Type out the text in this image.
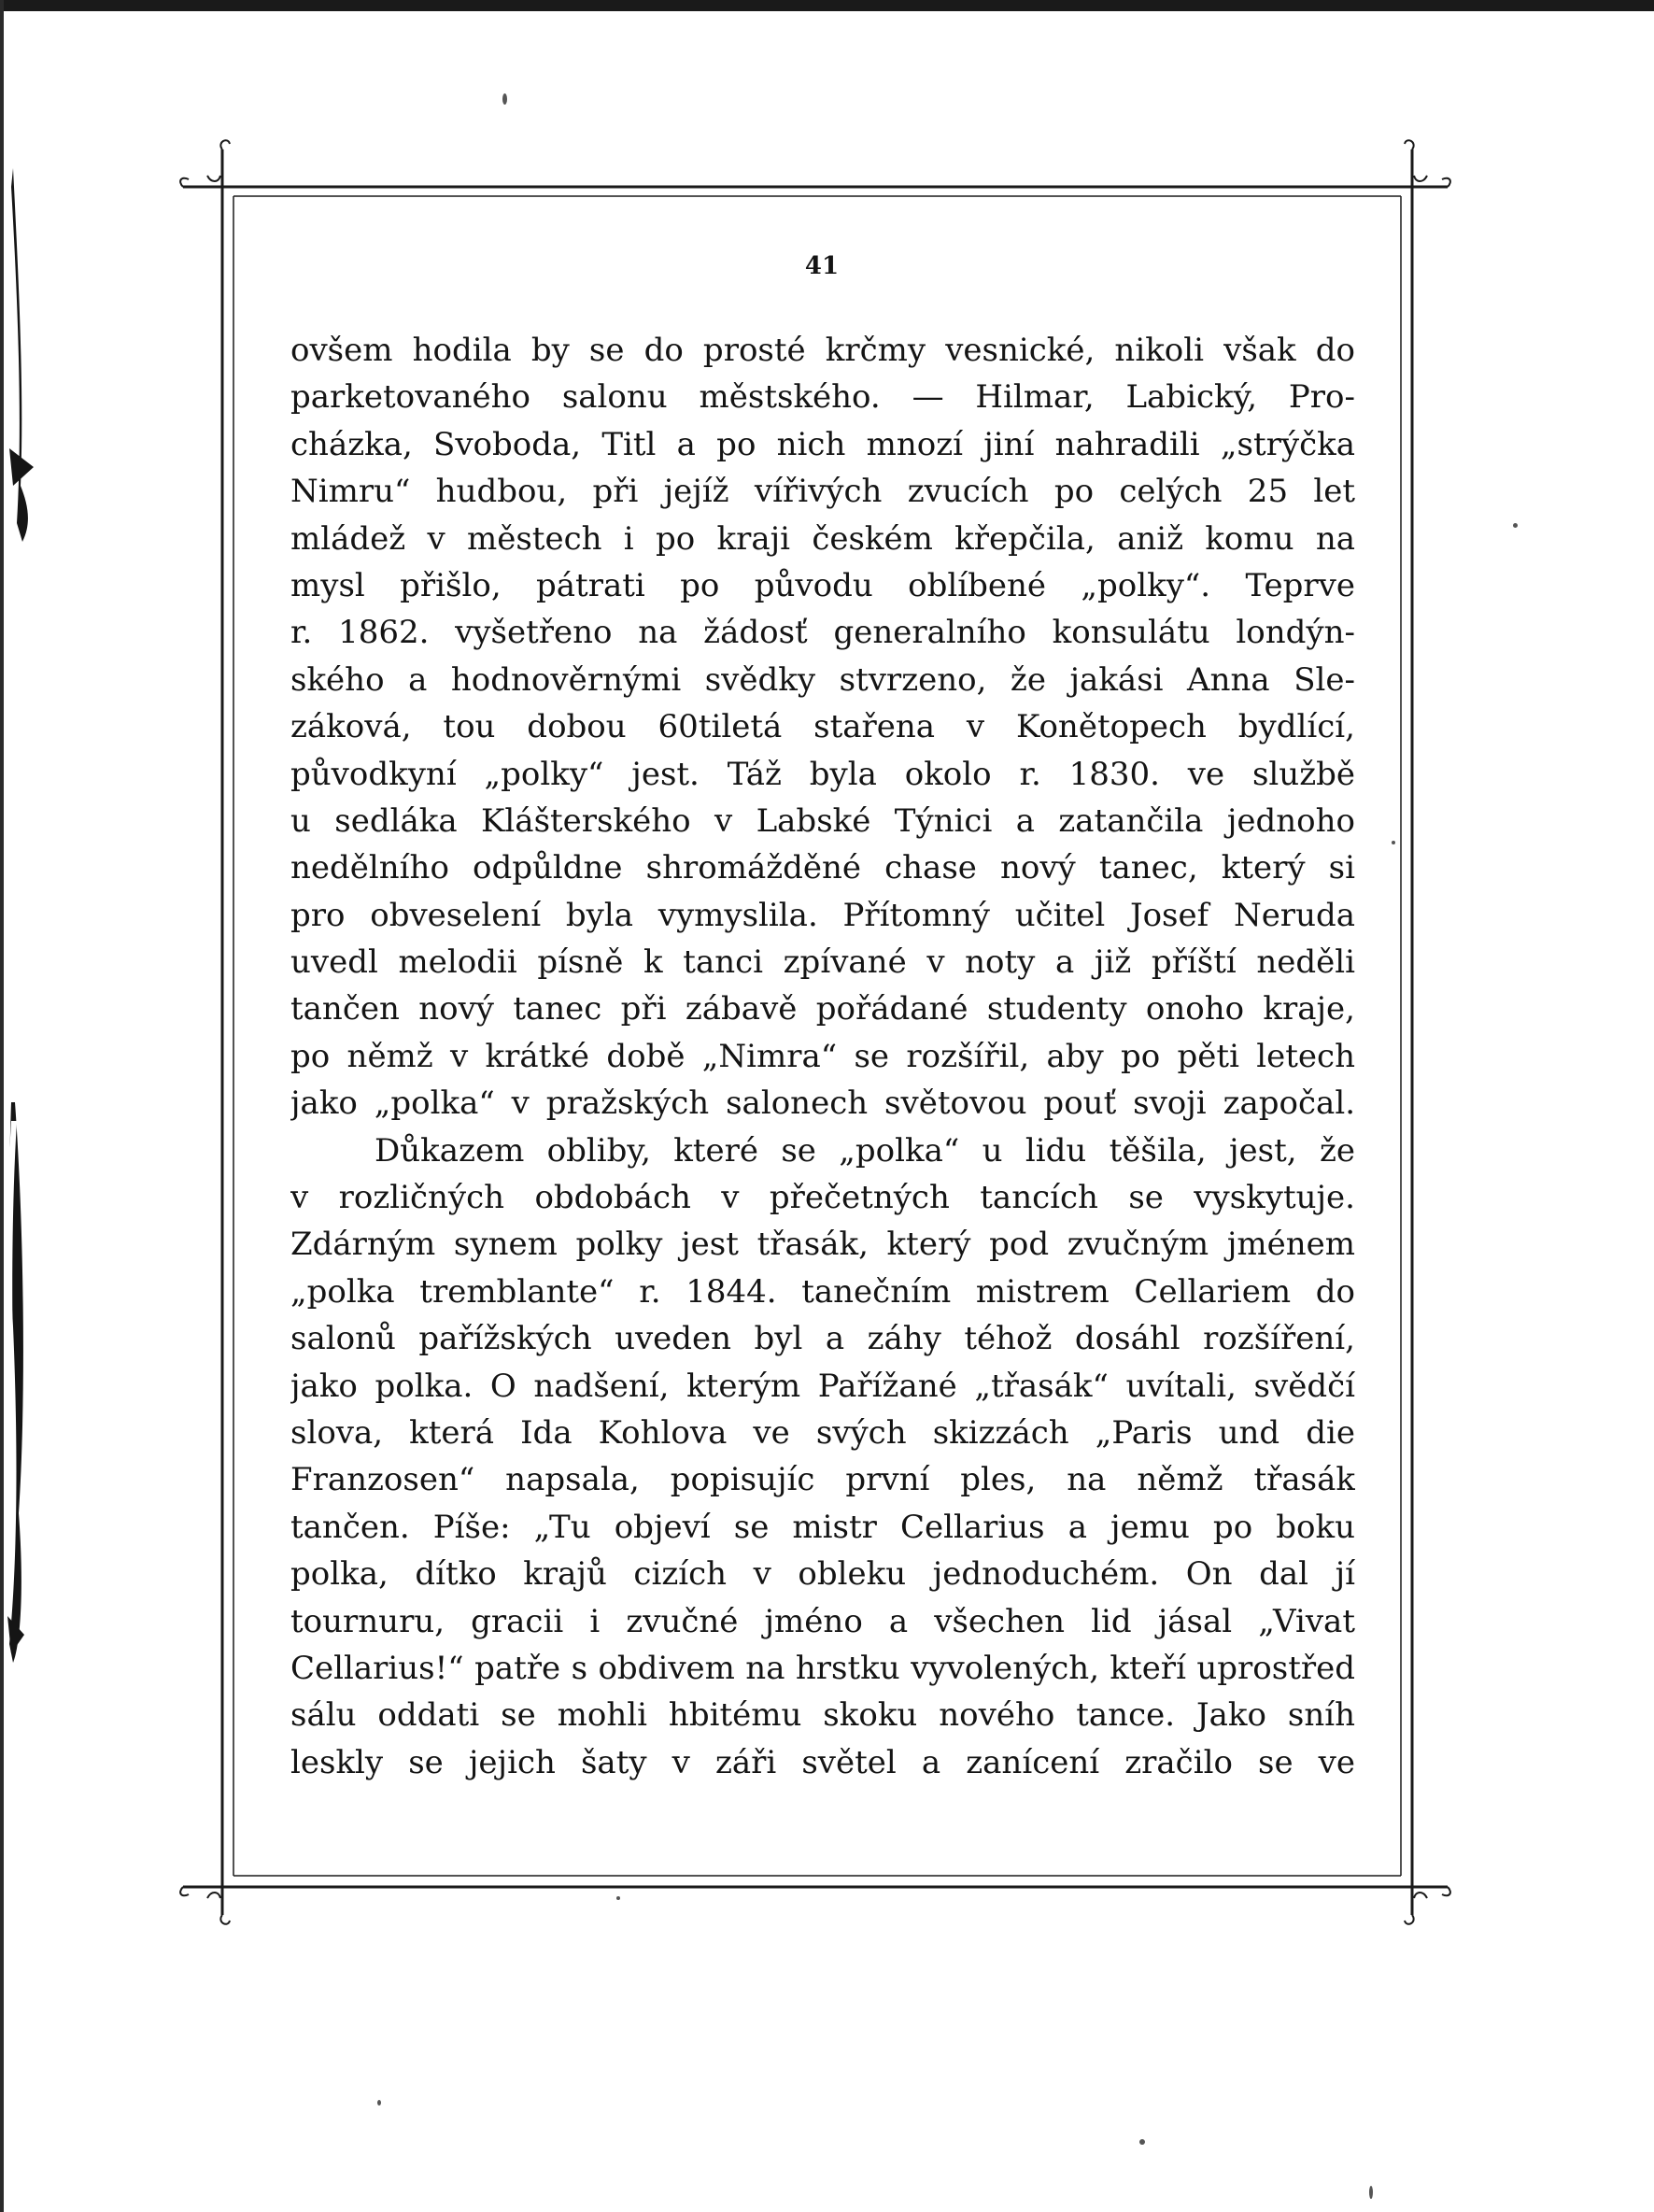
41
ovšem hodila by se do prosté krčmy vesnické, nikoli však do
parketovaného salonu městského. — Hilmar, Labický, Pro-
cházka, Svoboda, Titl a po nich mnozí jiní nahradili „strýčka
Nimru“ hudbou, při jejíž vířivých zvucích po celých 25 let
mládež v městech i po kraji českém křepčila, aniž komu na
mysl přišlo, pátrati po původu oblíbené „polky“. Teprve
r. 1862. vyšetřeno na žádosť generalního konsulátu londýn-
ského a hodnověrnými svědky stvrzeno, že jakási Anna Sle-
záková, tou dobou 60tiletá stařena v Konětopech bydlící,
původkyní „polky“ jest. Táž byla okolo r. 1830. ve službě
u sedláka Klášterského v Labské Týnici a zatančila jednoho
nedělního odpůldne shromážděné chase nový tanec, který si
pro obveselení byla vymyslila. Přítomný učitel Josef Neruda
uvedl melodii písně k tanci zpívané v noty a již příští neděli
tančen nový tanec při zábavě pořádané studenty onoho kraje,
po němž v krátké době „Nimra“ se rozšířil, aby po pěti letech
jako „polka“ v pražských salonech světovou pouť svoji započal.
Důkazem obliby, které se „polka“ u lidu těšila, jest, že
v rozličných obdobách v přečetných tancích se vyskytuje.
Zdárným synem polky jest třasák, který pod zvučným jménem
„polka tremblante“ r. 1844. tanečním mistrem Cellariem do
salonů pařížských uveden byl a záhy téhož dosáhl rozšíření,
jako polka. O nadšení, kterým Pařížané „třasák“ uvítali, svědčí
slova, která Ida Kohlova ve svých skizzách „Paris und die
Franzosen“ napsala, popisujíc první ples, na němž třasák
tančen. Píše: „Tu objeví se mistr Cellarius a jemu po boku
polka, dítko krajů cizích v obleku jednoduchém. On dal jí
tournuru, gracii i zvučné jméno a všechen lid jásal „Vivat
Cellarius!“ patře s obdivem na hrstku vyvolených, kteří uprostřed
sálu oddati se mohli hbitému skoku nového tance. Jako sníh
leskly se jejich šaty v záři světel a zanícení zračilo se ve
